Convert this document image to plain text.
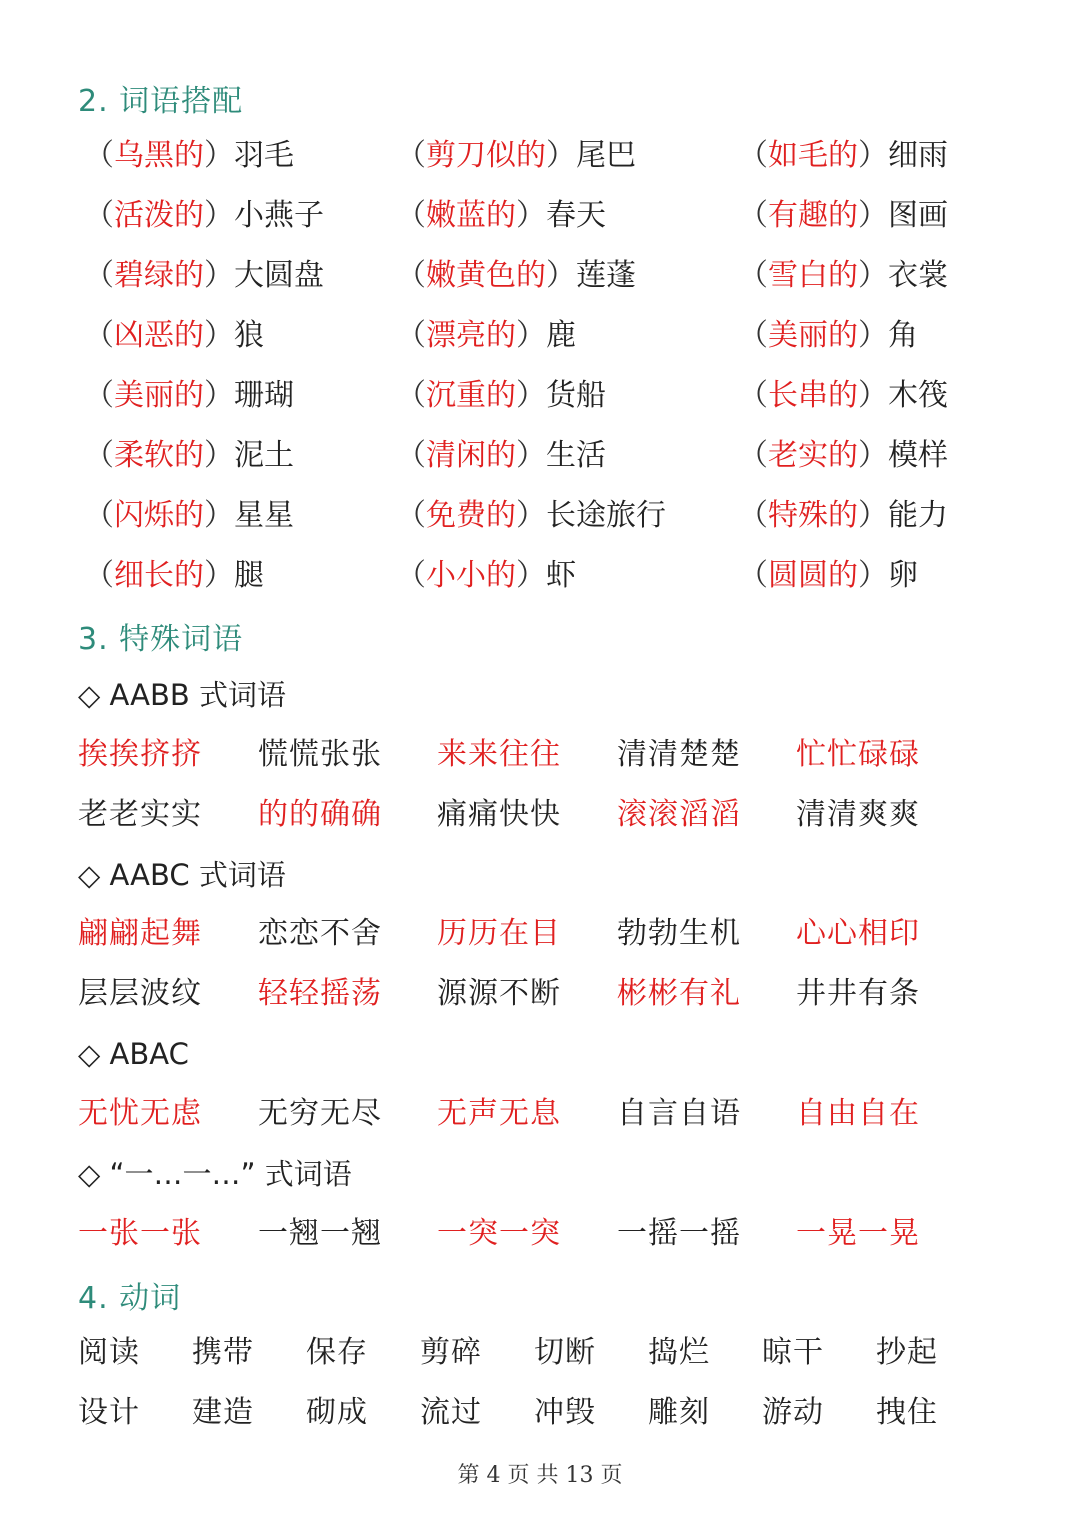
2. 词语搭配
（乌黑的）羽毛	（剪刀似的）尾巴	（如毛的）细雨
（活泼的）小燕子 （嫩蓝的）春天	（有趣的）图画
（碧绿的）大圆盘 （嫩黄色的）莲蓬	（雪白的）衣裳
（凶恶的）狼	（漂亮的）鹿	（美丽的）角
（美丽的）珊瑚	（沉重的）货船	（长串的）木筏
（柔软的）泥土	（清闲的）生活	（老实的）模样
（闪烁的）星星	（免费的）长途旅行 （特殊的）能力
（细长的）腿	（小小的）虾	（圆圆的）卵
3. 特殊词语
◇ AABB 式词语
挨挨挤挤 慌慌张张 来来往往 清清楚楚 忙忙碌碌
老老实实 的的确确 痛痛快快 滚滚滔滔 清清爽爽
◇ AABC 式词语
翩翩起舞 恋恋不舍 历历在目 勃勃生机 心心相印
层层波纹 轻轻摇荡 源源不断 彬彬有礼 井井有条
◇ ABAC
无忧无虑 无穷无尽 无声无息 自言自语 自由自在
◇ “一…一…” 式词语
一张一张 一翘一翘 一突一突 一摇一摇 一晃一晃
4. 动词
阅读 携带 保存 剪碎 切断 捣烂 晾干 抄起
设计 建造 砌成 流过 冲毁 雕刻 游动 拽住
第 4 页 共 13 页
